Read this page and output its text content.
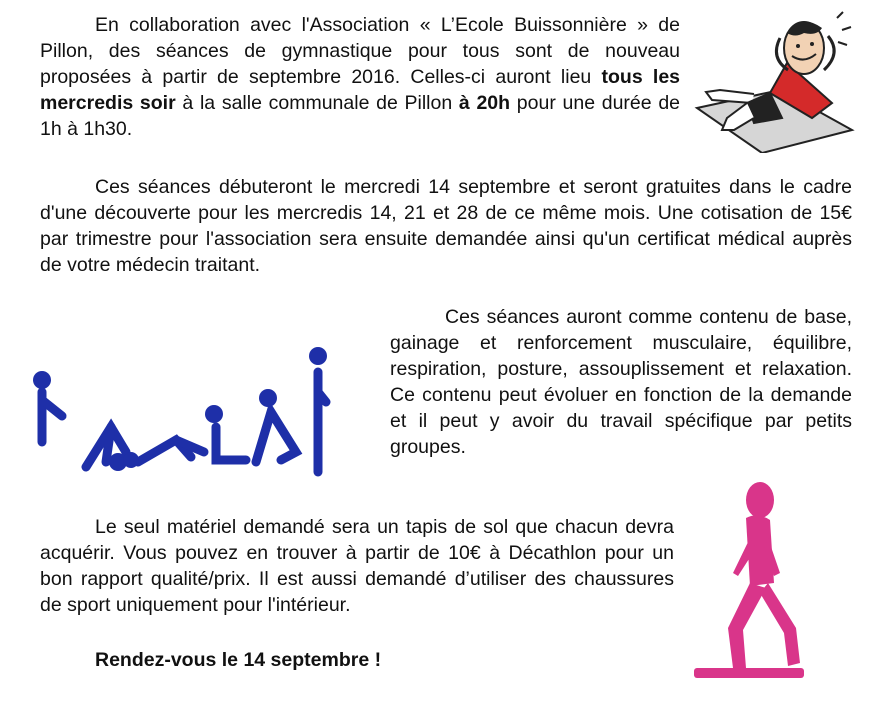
En collaboration avec l'Association « L’Ecole Buissonnière » de Pillon, des séances de gymnastique pour tous sont de nouveau proposées à partir de septembre 2016. Celles-ci auront lieu tous les mercredis soir à la salle communale de Pillon à 20h pour une durée de 1h à 1h30.

Ces séances débuteront le mercredi 14 septembre et seront gratuites dans le cadre d'une découverte pour les mercredis 14, 21 et 28 de ce même mois. Une cotisation de 15€ par trimestre pour l'association sera ensuite demandée ainsi qu'un certificat médical auprès de votre médecin traitant.

Ces séances auront comme contenu de base, gainage et renforcement musculaire, équilibre, respiration, posture, assouplissement et relaxation. Ce contenu peut évoluer en fonction de la demande et il peut y avoir du travail spécifique par petits groupes.

Le seul matériel demandé sera un tapis de sol que chacun devra acquérir. Vous pouvez en trouver à partir de 10€ à Décathlon pour un bon rapport qualité/prix. Il est aussi demandé d’utiliser des chaussures de sport uniquement pour l'intérieur.

Rendez-vous le 14 septembre !
